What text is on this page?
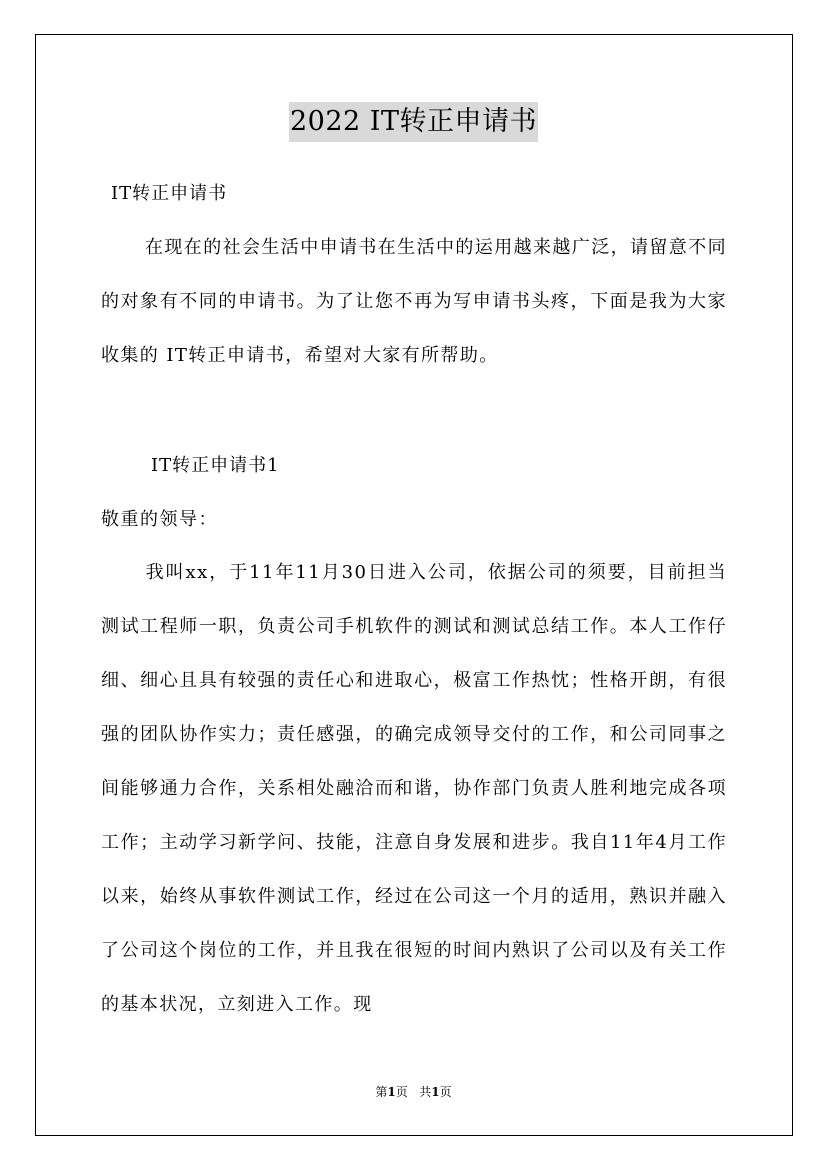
2022 IT转正申请书
IT转正申请书
在现在的社会生活中申请书在生活中的运用越来越广泛，请留意不同的对象有不同的申请书。为了让您不再为写申请书头疼，下面是我为大家收集的 IT转正申请书，希望对大家有所帮助。
IT转正申请书1
敬重的领导：
我叫xx，于11年11月30日进入公司，依据公司的须要，目前担当测试工程师一职，负责公司手机软件的测试和测试总结工作。本人工作仔细、细心且具有较强的责任心和进取心，极富工作热忱；性格开朗，有很强的团队协作实力；责任感强，的确完成领导交付的工作，和公司同事之间能够通力合作，关系相处融洽而和谐，协作部门负责人胜利地完成各项工作；主动学习新学问、技能，注意自身发展和进步。我自11年4月工作以来，始终从事软件测试工作，经过在公司这一个月的适用，熟识并融入了公司这个岗位的工作，并且我在很短的时间内熟识了公司以及有关工作的基本状况，立刻进入工作。现
第1页   共1页
